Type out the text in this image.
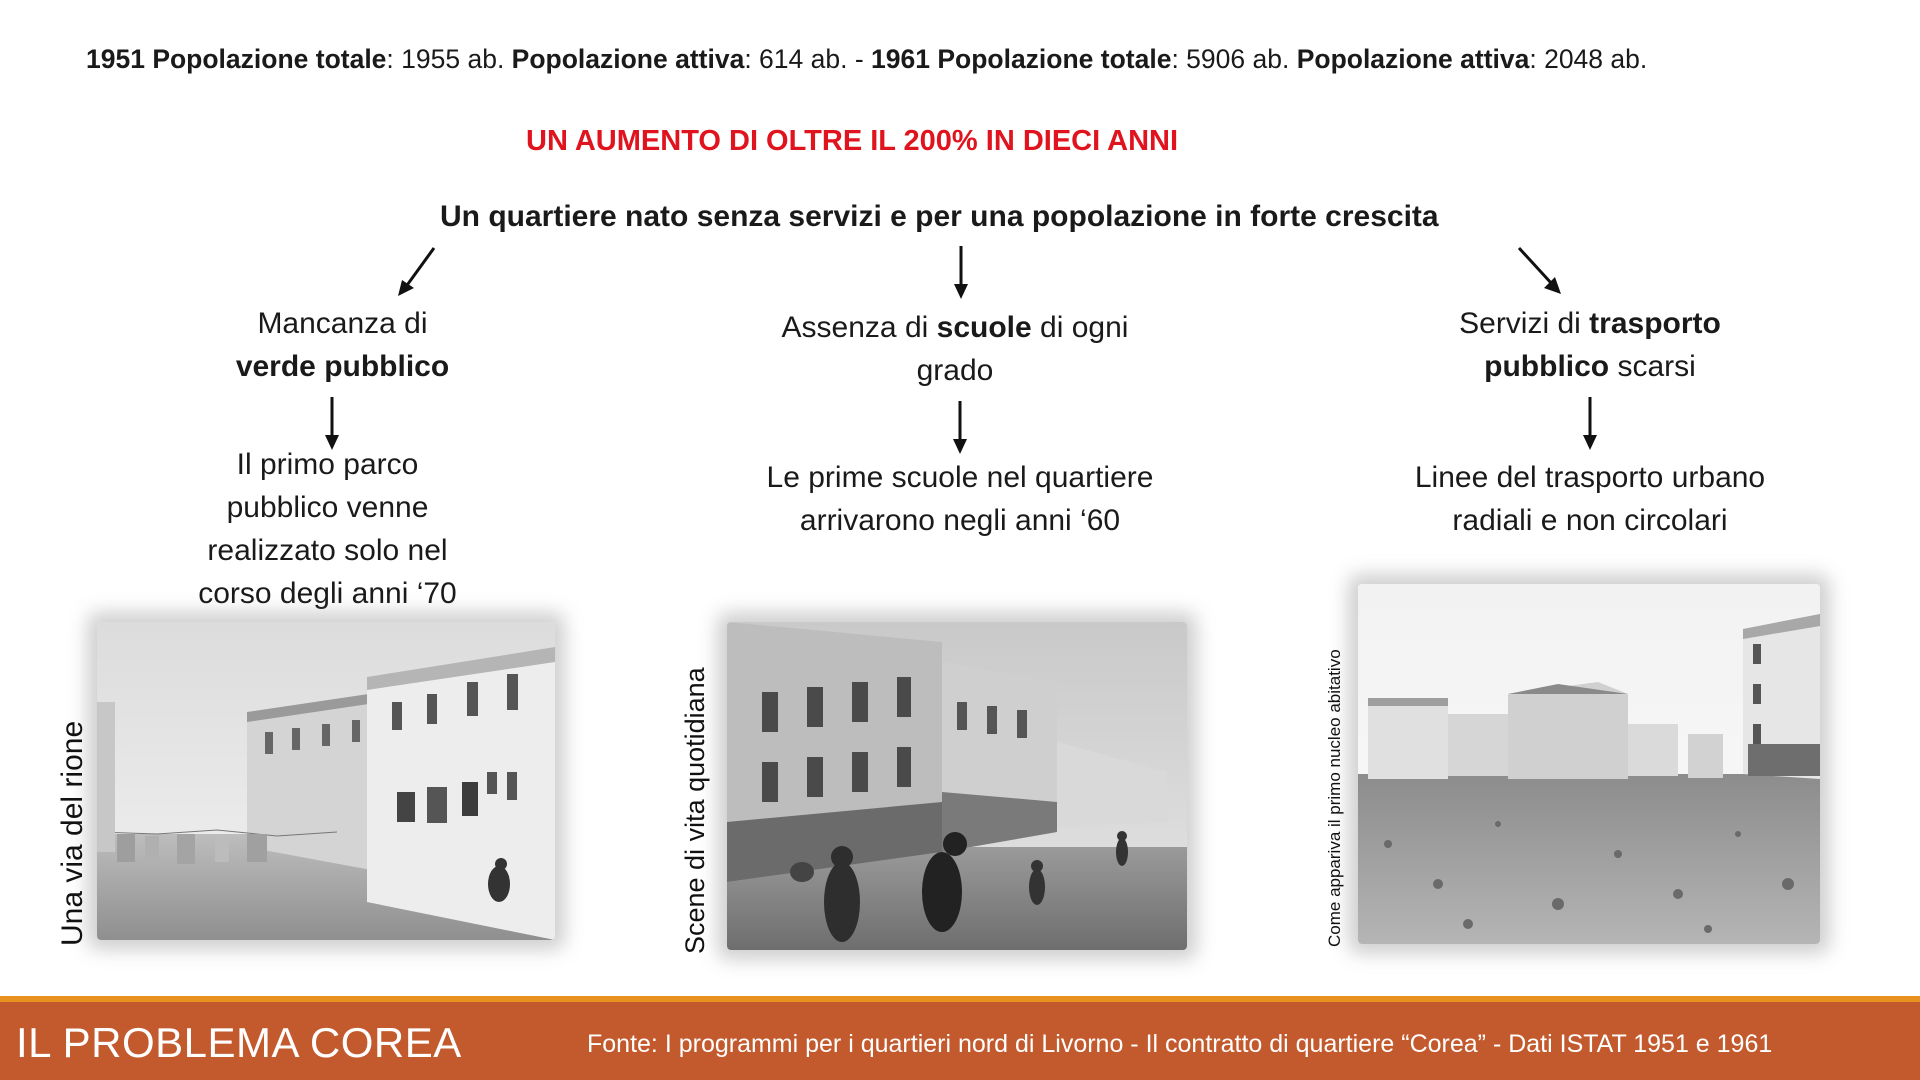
1951 Popolazione totale: 1955 ab. Popolazione attiva: 614 ab. - 1961 Popolazione totale: 5906 ab. Popolazione attiva: 2048 ab.
UN AUMENTO DI OLTRE IL 200% IN DIECI ANNI
Un quartiere nato senza servizi e per una popolazione in forte crescita
Mancanza di
verde pubblico
Il primo parco
pubblico venne
realizzato solo nel
corso degli anni ‘70
Assenza di scuole di ogni
grado
Le prime scuole nel quartiere
arrivarono negli anni ‘60
Servizi di trasporto
pubblico scarsi
Linee del trasporto urbano
radiali e non circolari
Una via del rione	Scene di vita quotidiana	Come appariva il primo nucleo abitativo
IL PROBLEMA COREA	Fonte: I programmi per i quartieri nord di Livorno - Il contratto di quartiere “Corea” - Dati ISTAT 1951 e 1961
